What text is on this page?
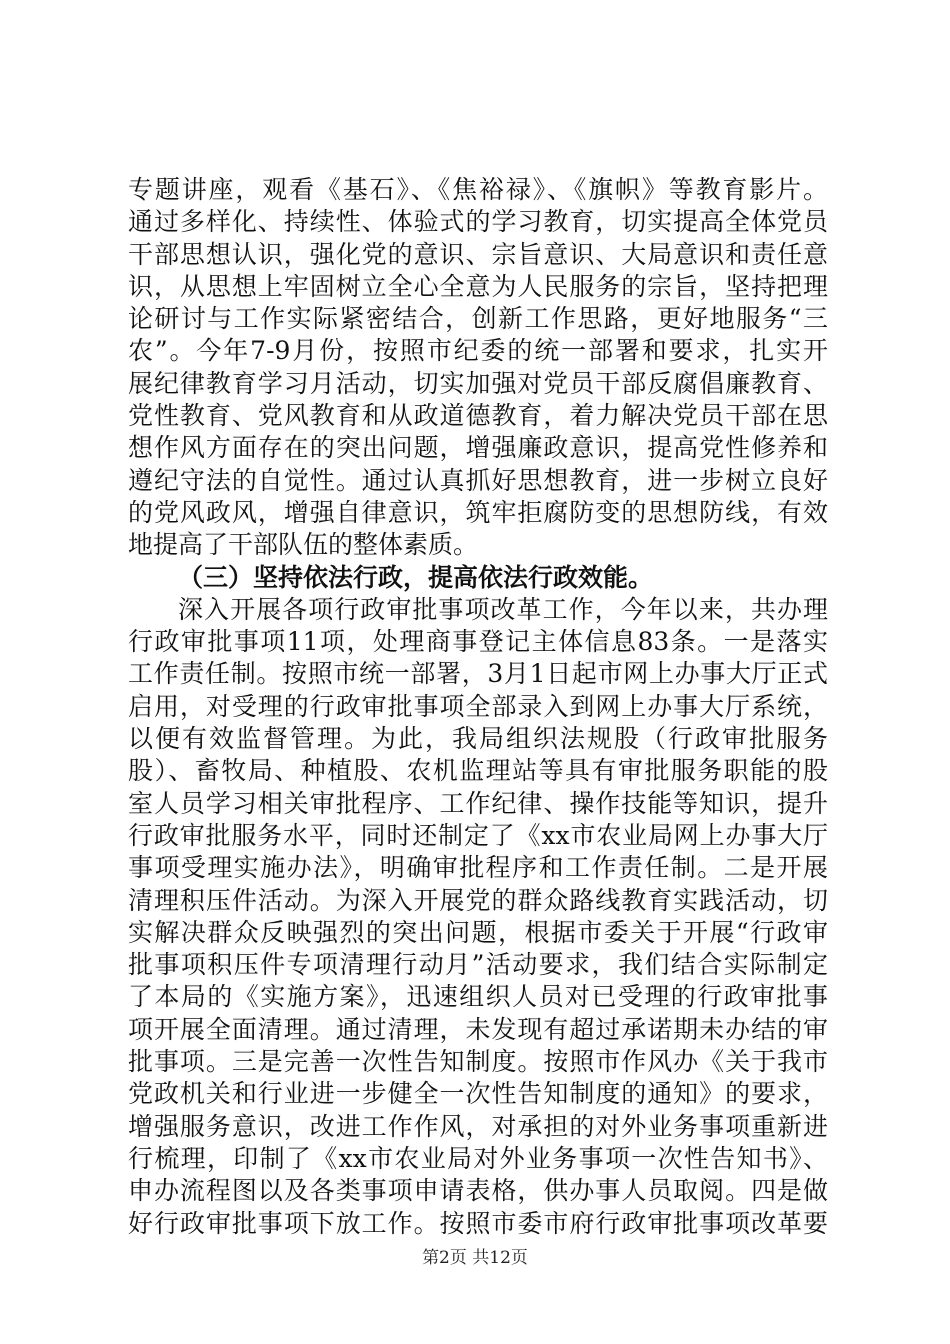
专题讲座，观看《基石》、《焦裕禄》、《旗帜》等教育影片。
通过多样化、持续性、体验式的学习教育，切实提高全体党员
干部思想认识，强化党的意识、宗旨意识、大局意识和责任意
识，从思想上牢固树立全心全意为人民服务的宗旨，坚持把理
论研讨与工作实际紧密结合，创新工作思路，更好地服务“三
农”。今年7-9月份，按照市纪委的统一部署和要求，扎实开
展纪律教育学习月活动，切实加强对党员干部反腐倡廉教育、
党性教育、党风教育和从政道德教育，着力解决党员干部在思
想作风方面存在的突出问题，增强廉政意识，提高党性修养和
遵纪守法的自觉性。通过认真抓好思想教育，进一步树立良好
的党风政风，增强自律意识，筑牢拒腐防变的思想防线，有效
地提高了干部队伍的整体素质。
（三）坚持依法行政，提高依法行政效能。
深入开展各项行政审批事项改革工作，今年以来，共办理
行政审批事项11项，处理商事登记主体信息83条。一是落实
工作责任制。按照市统一部署，3月1日起市网上办事大厅正式
启用，对受理的行政审批事项全部录入到网上办事大厅系统，
以便有效监督管理。为此，我局组织法规股（行政审批服务
股）、畜牧局、种植股、农机监理站等具有审批服务职能的股
室人员学习相关审批程序、工作纪律、操作技能等知识，提升
行政审批服务水平，同时还制定了《xx市农业局网上办事大厅
事项受理实施办法》，明确审批程序和工作责任制。二是开展
清理积压件活动。为深入开展党的群众路线教育实践活动，切
实解决群众反映强烈的突出问题，根据市委关于开展“行政审
批事项积压件专项清理行动月”活动要求，我们结合实际制定
了本局的《实施方案》，迅速组织人员对已受理的行政审批事
项开展全面清理。通过清理，未发现有超过承诺期未办结的审
批事项。三是完善一次性告知制度。按照市作风办《关于我市
党政机关和行业进一步健全一次性告知制度的通知》的要求，
增强服务意识，改进工作作风，对承担的对外业务事项重新进
行梳理，印制了《xx市农业局对外业务事项一次性告知书》、
申办流程图以及各类事项申请表格，供办事人员取阅。四是做
好行政审批事项下放工作。按照市委市府行政审批事项改革要
第2页 共12页
